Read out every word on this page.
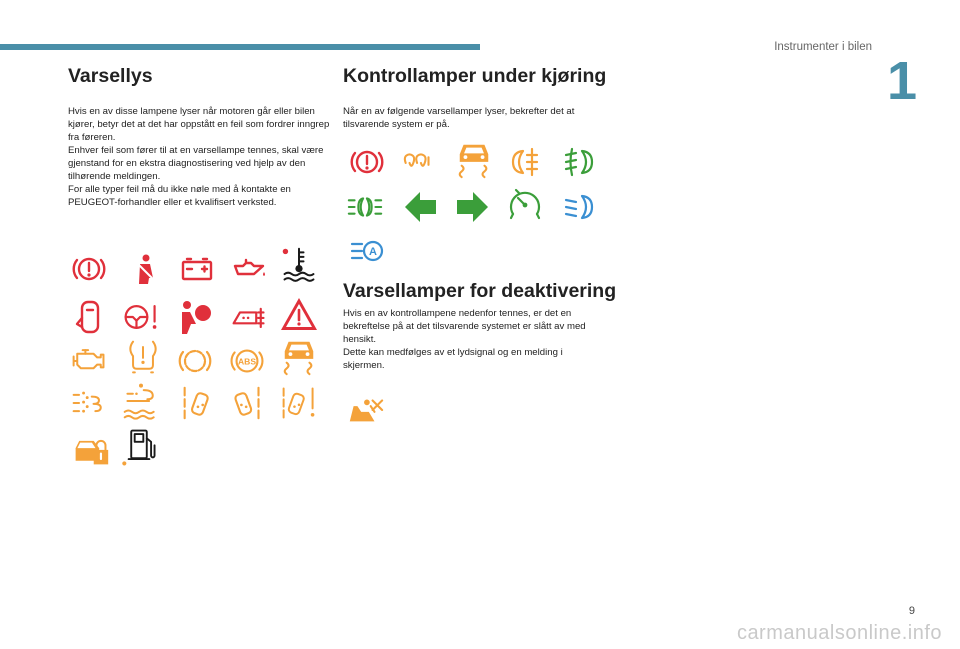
Instrumenter i bilen
1
Varsellys

Hvis en av disse lampene lyser når motoren går eller bilen kjører, betyr det at det har oppstått en feil som fordrer inngrep fra føreren.

Enhver feil som fører til at en varsellampe tennes, skal være gjenstand for en ekstra diagnostisering ved hjelp av den tilhørende meldingen.

For alle typer feil må du ikke nøle med å kontakte en PEUGEOT-forhandler eller et kvalifisert verksted.

Kontrollamper under kjøring

Når en av følgende varsellamper lyser, bekrefter det at tilsvarende system er på.

Varsellamper for deaktivering

Hvis en av kontrollampene nedenfor tennes, er det en bekreftelse på at det tilsvarende systemet er slått av med hensikt.

Dette kan medfølges av et lydsignal og en melding i skjermen.

ABS
A
9
carmanualsonline.info
